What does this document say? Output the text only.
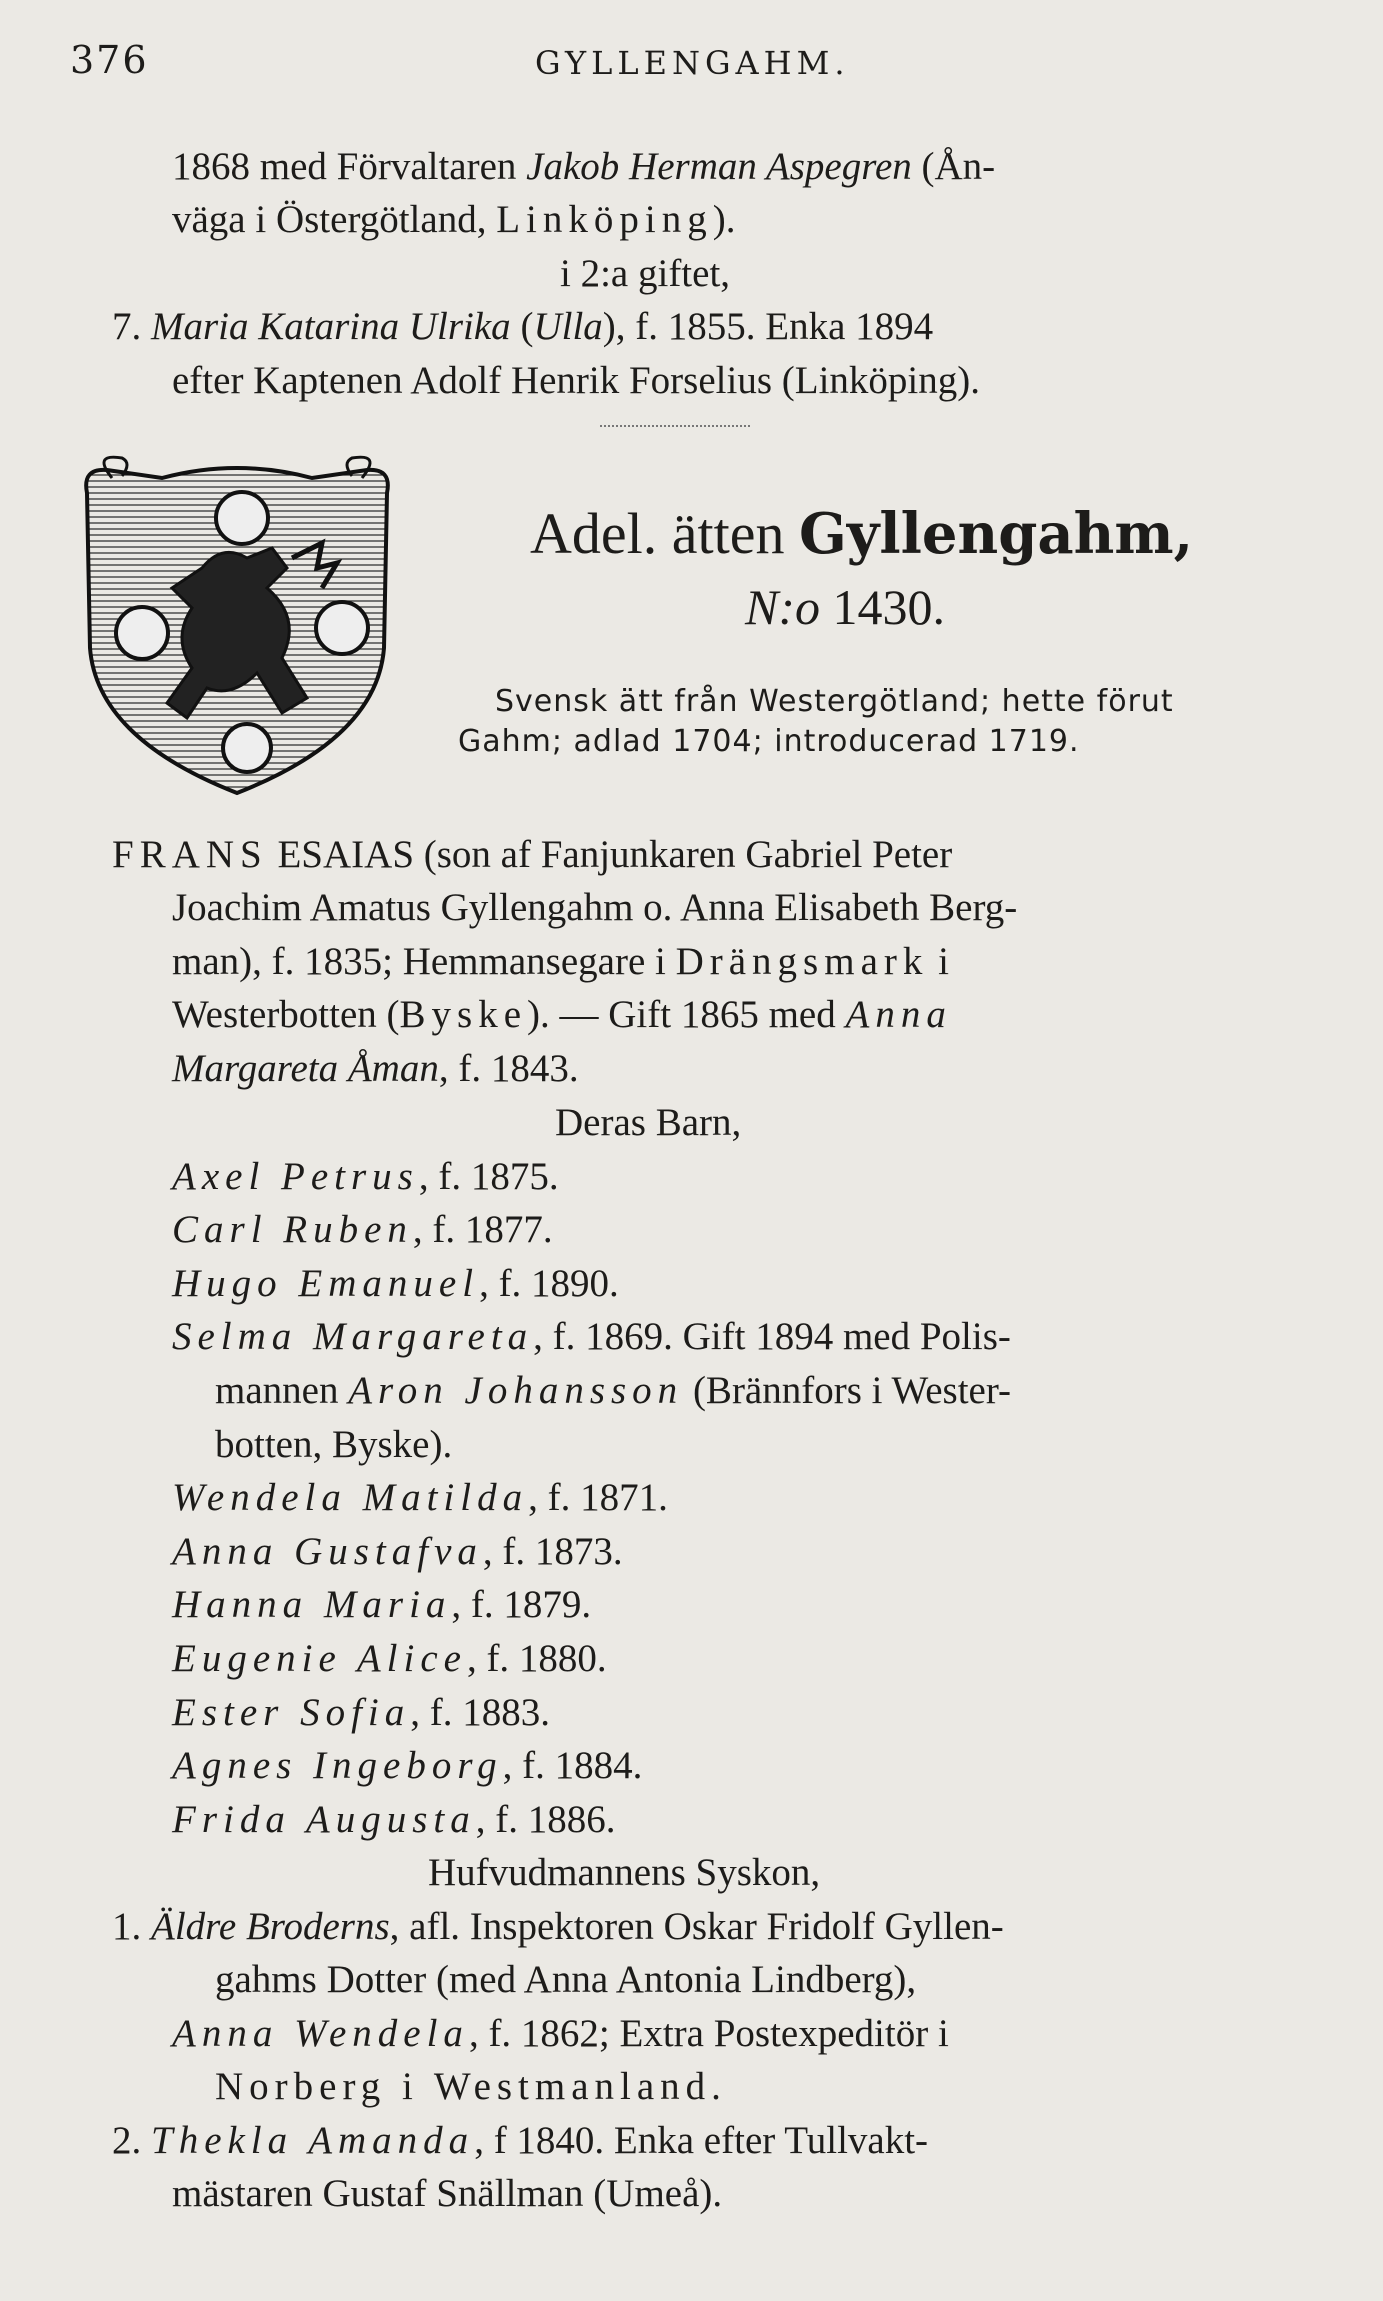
376	GYLLENGAHM.
1868 med Förvaltaren Jakob Herman Aspegren (Ån-
väga i Östergötland, Linköping).
i 2:a giftet,
7. Maria Katarina Ulrika (Ulla), f. 1855. Enka 1894
efter Kaptenen Adolf Henrik Forselius (Linköping).
Adel. ätten Gyllengahm,
N:o 1430.
Svensk ätt från Westergötland; hette förut
Gahm; adlad 1704; introducerad 1719.
FRANS ESAIAS (son af Fanjunkaren Gabriel Peter
Joachim Amatus Gyllengahm o. Anna Elisabeth Berg-
man), f. 1835; Hemmansegare i Drängsmark i
Westerbotten (Byske). — Gift 1865 med Anna
Margareta Åman, f. 1843.
Deras Barn,
Axel Petrus, f. 1875.
Carl Ruben, f. 1877.
Hugo Emanuel, f. 1890.
Selma Margareta, f. 1869. Gift 1894 med Polis-
mannen Aron Johansson (Brännfors i Wester-
botten, Byske).
Wendela Matilda, f. 1871.
Anna Gustafva, f. 1873.
Hanna Maria, f. 1879.
Eugenie Alice, f. 1880.
Ester Sofia, f. 1883.
Agnes Ingeborg, f. 1884.
Frida Augusta, f. 1886.
Hufvudmannens Syskon,
1. Äldre Broderns, afl. Inspektoren Oskar Fridolf Gyllen-
gahms Dotter (med Anna Antonia Lindberg),
Anna Wendela, f. 1862; Extra Postexpeditör i
Norberg i Westmanland.
2. Thekla Amanda, f 1840. Enka efter Tullvakt-
mästaren Gustaf Snällman (Umeå).
